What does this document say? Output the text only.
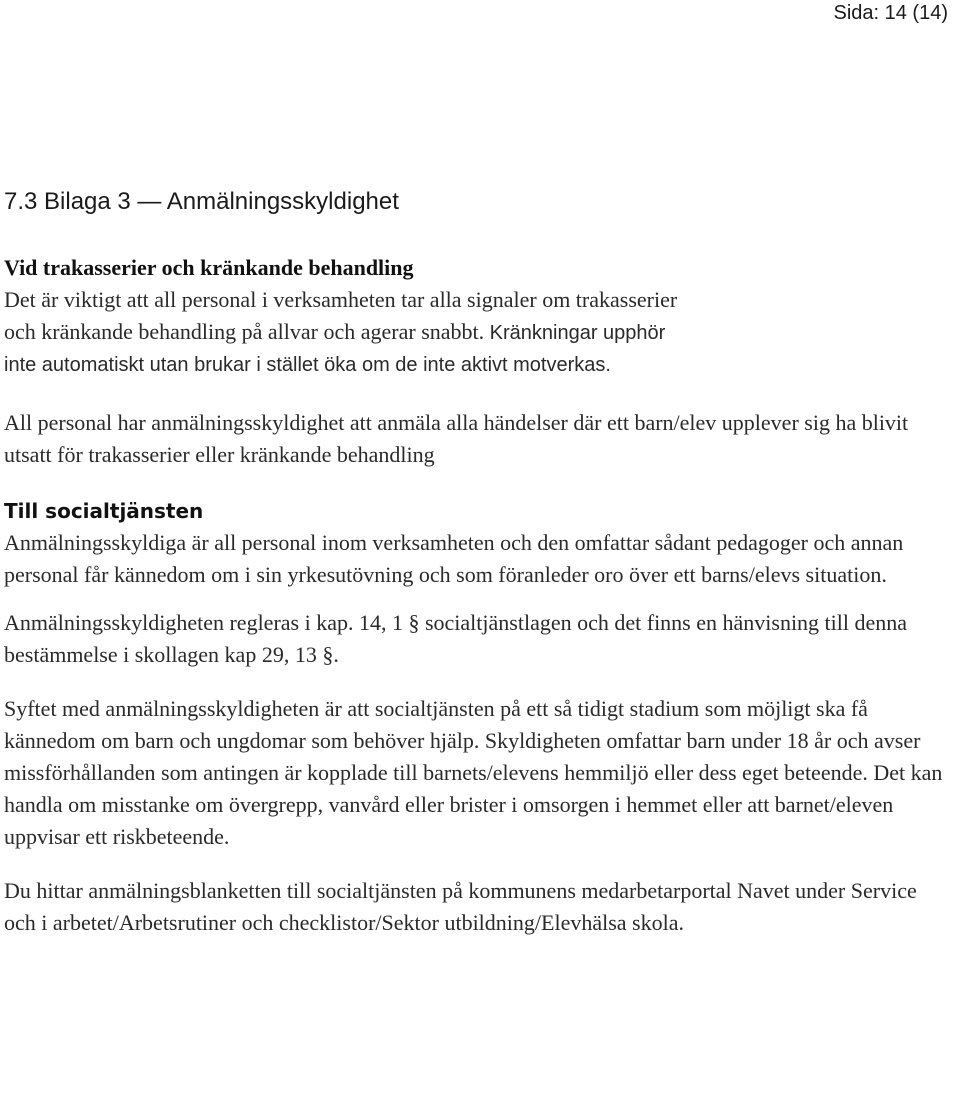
Sida: 14 (14)
7.3 Bilaga 3 — Anmälningsskyldighet

Vid trakasserier och kränkande behandling

Det är viktigt att all personal i verksamheten tar alla signaler om trakasserier

och kränkande behandling på allvar och agerar snabbt. Kränkningar upphör

inte automatiskt utan brukar i stället öka om de inte aktivt motverkas.

All personal har anmälningsskyldighet att anmäla alla händelser där ett barn/elev upplever sig ha blivit utsatt för trakasserier eller kränkande behandling

Till socialtjänsten

Anmälningsskyldiga är all personal inom verksamheten och den omfattar sådant pedagoger och annan personal får kännedom om i sin yrkesutövning och som föranleder oro över ett barns/elevs situation.

Anmälningsskyldigheten regleras i kap. 14, 1 § socialtjänstlagen och det finns en hänvisning till denna bestämmelse i skollagen kap 29, 13 §.

Syftet med anmälningsskyldigheten är att socialtjänsten på ett så tidigt stadium som möjligt ska få kännedom om barn och ungdomar som behöver hjälp. Skyldigheten omfattar barn under 18 år och avser missförhållanden som antingen är kopplade till barnets/elevens hemmiljö eller dess eget beteende. Det kan handla om misstanke om övergrepp, vanvård eller brister i omsorgen i hemmet eller att barnet/eleven uppvisar ett riskbeteende.

Du hittar anmälningsblanketten till socialtjänsten på kommunens medarbetarportal Navet under Service och i arbetet/Arbetsrutiner och checklistor/Sektor utbildning/Elevhälsa skola.
